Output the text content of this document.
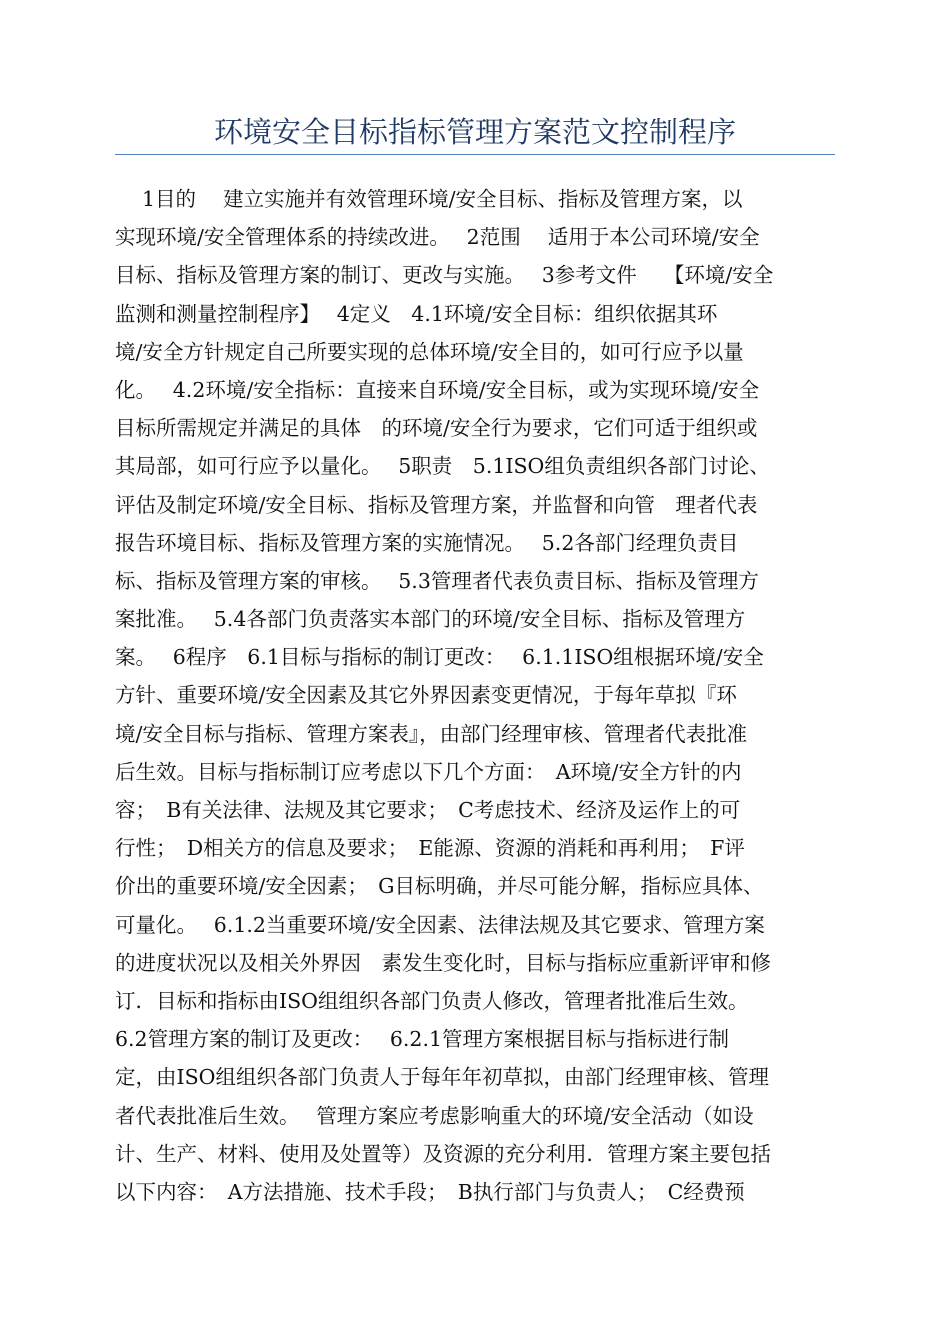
环境安全目标指标管理方案范文控制程序
　 1目的　 建立实施并有效管理环境/安全目标、指标及管理方案，以
实现环境/安全管理体系的持续改进。　 2范围　 适用于本公司环境/安全
目标、指标及管理方案的制订、更改与实施。　 3参考文件　 【环境/安全
监测和测量控制程序】　 4定义　4.1环境/安全目标：组织依据其环
境/安全方针规定自己所要实现的总体环境/安全目的，如可行应予以量
化。　 4.2环境/安全指标：直接来自环境/安全目标，或为实现环境/安全
目标所需规定并满足的具体　的环境/安全行为要求，它们可适于组织或
其局部，如可行应予以量化。　 5职责　5.1ISO组负责组织各部门讨论、
评估及制定环境/安全目标、指标及管理方案，并监督和向管　理者代表
报告环境目标、指标及管理方案的实施情况。　 5.2各部门经理负责目
标、指标及管理方案的审核。　 5.3管理者代表负责目标、指标及管理方
案批准。　 5.4各部门负责落实本部门的环境/安全目标、指标及管理方
案。　 6程序　6.1目标与指标的制订更改：　 6.1.1ISO组根据环境/安全
方针、重要环境/安全因素及其它外界因素变更情况，于每年草拟『环
境/安全目标与指标、管理方案表』，由部门经理审核、管理者代表批准
后生效。目标与指标制订应考虑以下几个方面：　A环境/安全方针的内
容；　B有关法律、法规及其它要求；　C考虑技术、经济及运作上的可
行性；　D相关方的信息及要求；　E能源、资源的消耗和再利用；　F评
价出的重要环境/安全因素；　G目标明确，并尽可能分解，指标应具体、
可量化。　 6.1.2当重要环境/安全因素、法律法规及其它要求、管理方案
的进度状况以及相关外界因　素发生变化时，目标与指标应重新评审和修
订．目标和指标由ISO组组织各部门负责人修改，管理者批准后生效。
6.2管理方案的制订及更改：　 6.2.1管理方案根据目标与指标进行制
定，由ISO组组织各部门负责人于每年年初草拟，由部门经理审核、管理
者代表批准后生效。　 管理方案应考虑影响重大的环境/安全活动（如设
计、生产、材料、使用及处置等）及资源的充分利用．管理方案主要包括
以下内容：　A方法措施、技术手段；　B执行部门与负责人；　C经费预
